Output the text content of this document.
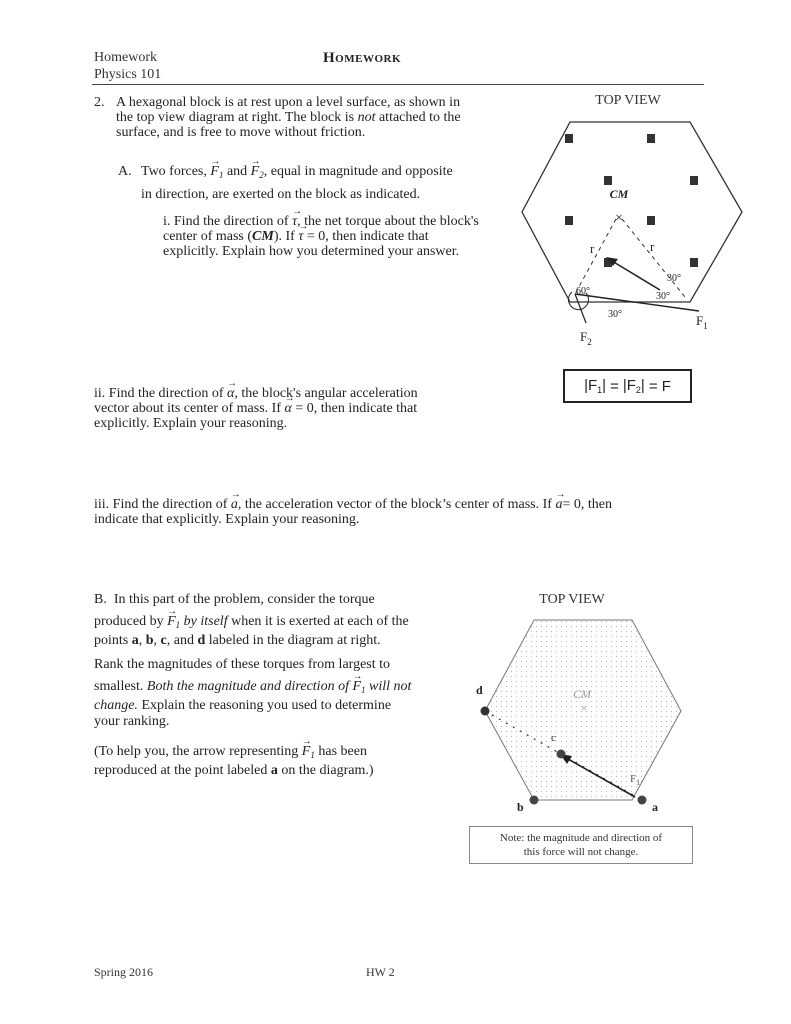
Homework
Physics 101
Homework
2. A hexagonal block is at rest upon a level surface, as shown in
the top view diagram at right. The block is not attached to the
surface, and is free to move without friction.
A. Two forces, → $F_1$ and → $F_2$, equal in magnitude and opposite
in direction, are exerted on the block as indicated.
i. Find the direction of → τ, the net torque about the block's
center of mass (CM). If → τ = 0, then indicate that
explicitly. Explain how you determined your answer.
ii. Find the direction of → α, the block's angular acceleration
vector about its center of mass. If → α = 0, then indicate that
explicitly. Explain your reasoning.
iii. Find the direction of → a, the acceleration vector of the block’s center of mass. If → a= 0, then
indicate that explicitly. Explain your reasoning.
B. In this part of the problem, consider the torque
produced by → $F_1$ by itself when it is exerted at each of the
points a, b, c, and d labeled in the diagram at right.
Rank the magnitudes of these torques from largest to
smallest. Both the magnitude and direction of → $F_1$ will not
change. Explain the reasoning you used to determine
your ranking.
(To help you, the arrow representing → $F_1$ has been
reproduced at the point labeled a on the diagram.)
TOP VIEW
CM
×
r	r
60°
30°
30°
30°
$F_2$
$F_1$
$|F_1| = |F_2| = F$
TOP VIEW
CM
×
$F_1$
d
c
b	a
Note: the magnitude and direction of
this force will not change.
Spring 2016	HW 2
